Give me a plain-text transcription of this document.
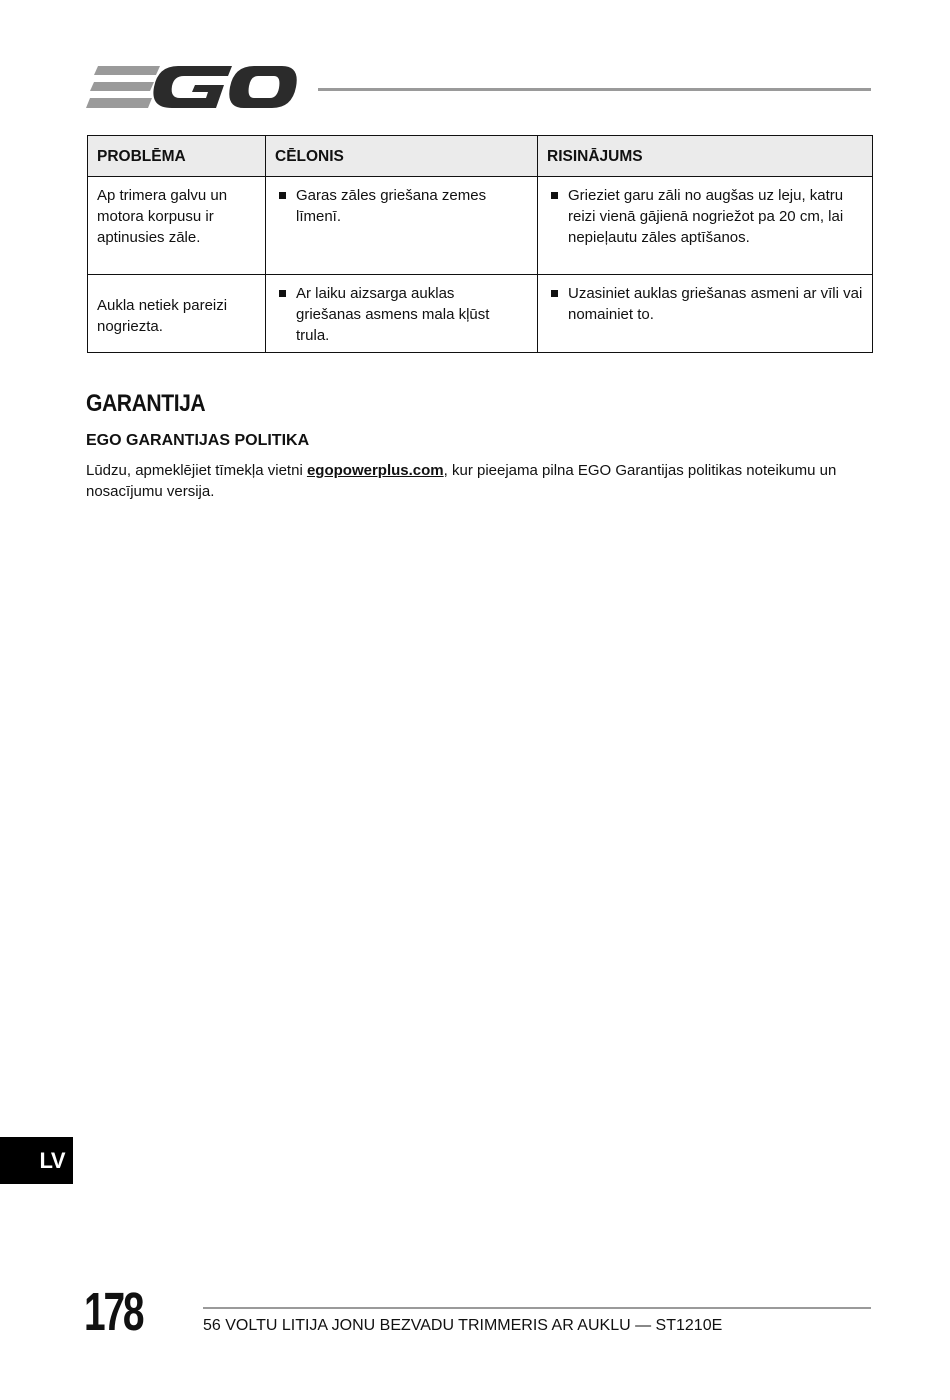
PROBLĒMA	CĒLONIS	RISINĀJUMS

Ap trimera galvu un motora korpusu ir aptinusies zāle.	Garas zāles griešana zemes līmenī.	Grieziet garu zāli no augšas uz leju, katru reizi vienā gājienā nogriežot pa 20 cm, lai nepieļautu zāles aptīšanos.

Aukla netiek pareizi nogriezta.	Ar laiku aizsarga auklas griešanas asmens mala kļūst trula.	Uzasiniet auklas griešanas asmeni ar vīli vai nomainiet to.
GARANTIJA
EGO GARANTIJAS POLITIKA

Lūdzu, apmeklējiet tīmekļa vietni egopowerplus.com, kur pieejama pilna EGO Garantijas politikas noteikumu un nosacījumu versija.

LV
178	56 VOLTU LITIJA JONU BEZVADU TRIMMERIS AR AUKLU — ST1210E
